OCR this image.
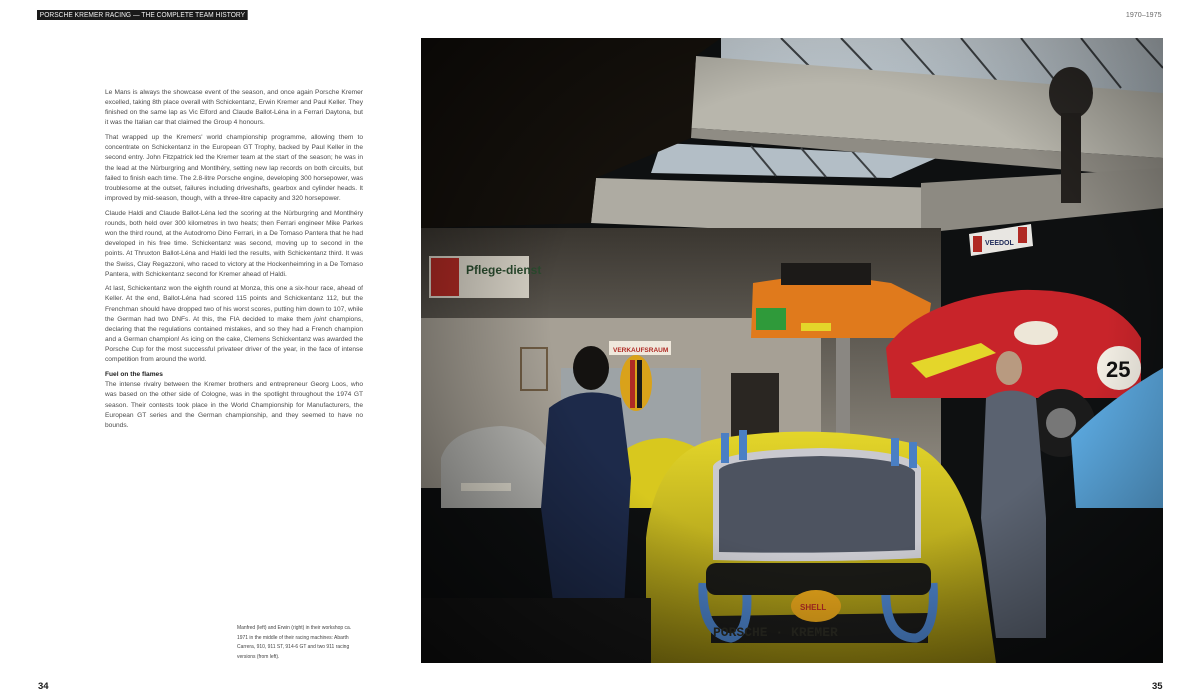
PORSCHE KREMER RACING — THE COMPLETE TEAM HISTORY	1970–1975

Le Mans is always the showcase event of the season, and once again Porsche Kremer excelled, taking 8th place overall with Schickentanz, Erwin Kremer and Paul Keller. They finished on the same lap as Vic Elford and Claude Ballot-Léna in a Ferrari Daytona, but it was the Italian car that claimed the Group 4 honours.

That wrapped up the Kremers' world championship programme, allowing them to concentrate on Schickentanz in the European GT Trophy, backed by Paul Keller in the second entry. John Fitzpatrick led the Kremer team at the start of the season; he was in the lead at the Nürburgring and Montlhéry, setting new lap records on both circuits, but failed to finish each time. The 2.8-litre Porsche engine, developing 300 horsepower, was troublesome at the outset, failures including driveshafts, gearbox and cylinder heads. It improved by mid-season, though, with a three-litre capacity and 320 horsepower.

Claude Haldi and Claude Ballot-Léna led the scoring at the Nürburgring and Montlhéry rounds, both held over 300 kilometres in two heats; then Ferrari engineer Mike Parkes won the third round, at the Autodromo Dino Ferrari, in a De Tomaso Pantera that he had developed in his free time. Schickentanz was second, moving up to second in the points. At Thruxton Ballot-Léna and Haldi led the results, with Schickentanz third. It was the Swiss, Clay Regazzoni, who raced to victory at the Hockenheimring in a De Tomaso Pantera, with Schickentanz second for Kremer ahead of Haldi.

At last, Schickentanz won the eighth round at Monza, this one a six-hour race, ahead of Keller. At the end, Ballot-Léna had scored 115 points and Schickentanz 112, but the Frenchman should have dropped two of his worst scores, putting him down to 107, while the German had two DNFs. At this, the FIA decided to make them joint champions, declaring that the regulations contained mistakes, and so they had a French champion and a German champion! As icing on the cake, Clemens Schickentanz was awarded the Porsche Cup for the most successful privateer driver of the year, in the face of intense competition from around the world.

Fuel on the flames

The intense rivalry between the Kremer brothers and entrepreneur Georg Loos, who was based on the other side of Cologne, was in the spotlight throughout the 1974 GT season. Their contests took place in the World Championship for Manufacturers, the European GT series and the German championship, and they seemed to have no bounds.

Manfred (left) and Erwin (right) in their workshop ca. 1971 in the middle of their racing machines: Abarth Carrera, 910, 911 ST, 914-6 GT and two 911 racing versions (from left).
34	35
